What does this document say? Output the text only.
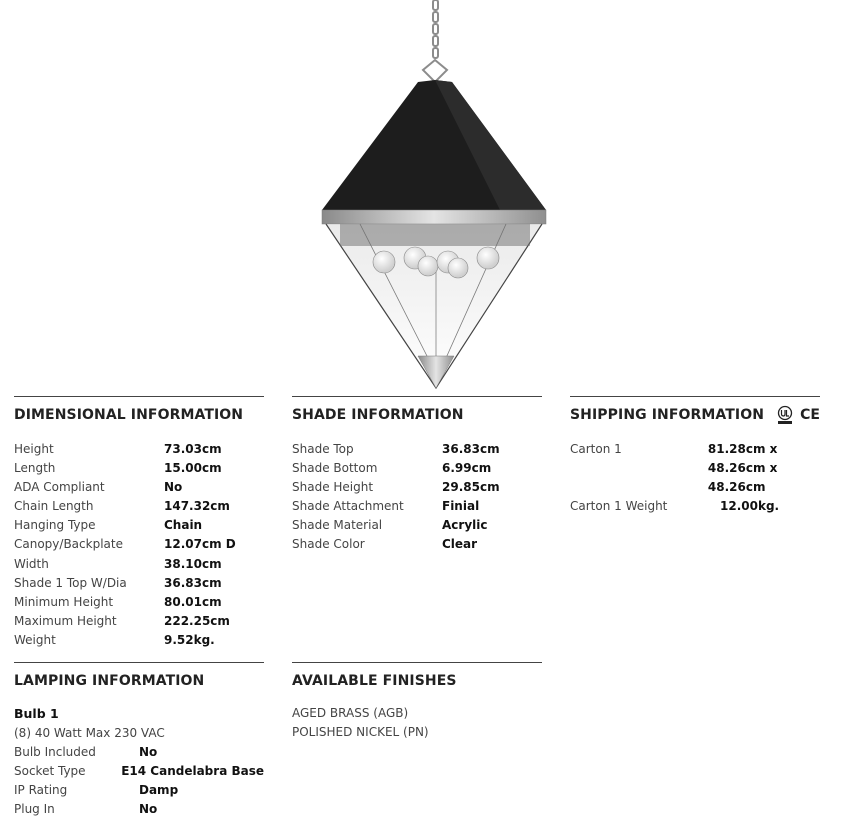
DIMENSIONAL INFORMATION
Height	73.03cm
Length	15.00cm
ADA Compliant	No
Chain Length	147.32cm
Hanging Type	Chain
Canopy/Backplate	12.07cm D
Width	38.10cm
Shade 1 Top W/Dia	36.83cm
Minimum Height	80.01cm
Maximum Height	222.25cm
Weight	9.52kg.
SHADE INFORMATION
Shade Top	36.83cm
Shade Bottom	6.99cm
Shade Height	29.85cm
Shade Attachment	Finial
Shade Material	Acrylic
Shade Color	Clear
SHIPPING INFORMATION	CE
Carton 1	81.28cm x 48.26cm x 48.26cm
Carton 1 Weight	12.00kg.
LAMPING INFORMATION
Bulb 1
(8) 40 Watt Max 230 VAC
Bulb Included	No
Socket Type	E14 Candelabra Base
IP Rating	Damp
Plug In	No
AVAILABLE FINISHES
AGED BRASS (AGB)
POLISHED NICKEL (PN)
